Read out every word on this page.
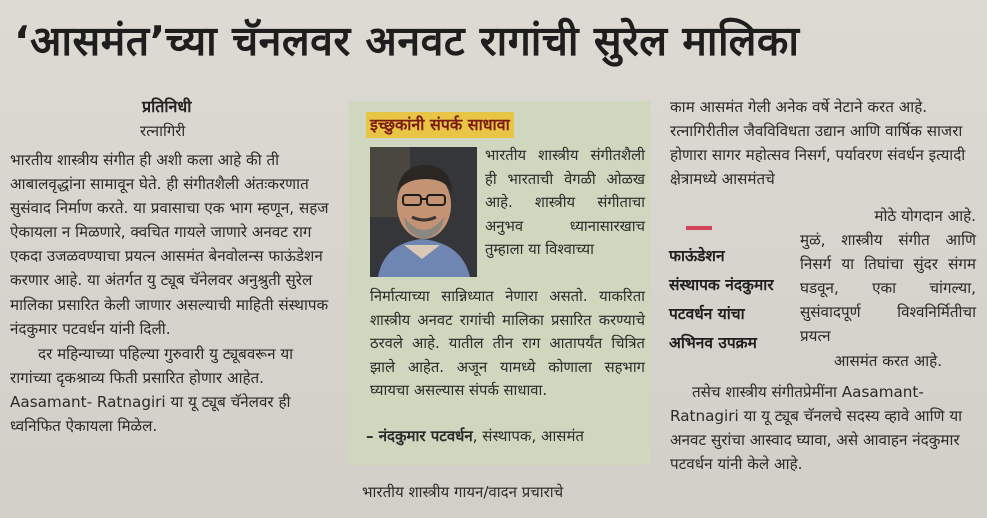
‘आसमंत’च्या चॅनलवर अनवट रागांची सुरेल मालिका
प्रतिनिधी
रत्नागिरी

भारतीय शास्त्रीय संगीत ही अशी कला आहे की ती आबालवृद्धांना सामावून घेते. ही संगीतशैली अंतःकरणात सुसंवाद निर्माण करते. या प्रवासाचा एक भाग म्हणून, सहज ऐकायला न मिळणारे, क्वचित गायले जाणारे अनवट राग एकदा उजळवण्याचा प्रयत्न आसमंत बेनवोलन्स फाऊंडेशन करणार आहे. या अंतर्गत यु ट्यूब चॅनेलवर अनुश्रुती सुरेल मालिका प्रसारित केली जाणार असल्याची माहिती संस्थापक नंदकुमार पटवर्धन यांनी दिली.

दर महिन्याच्या पहिल्या गुरुवारी यु ट्यूबवरून या रागांच्या दृकश्राव्य फिती प्रसारित होणार आहेत. Aasamant- Ratnagiri या यू ट्यूब चॅनेलवर ही ध्वनिफित ऐकायला मिळेल.

इच्छुकांनी संपर्क साधावा
भारतीय शास्त्रीय संगीतशैली ही भारताची वेगळी ओळख आहे. शास्त्रीय संगीताचा अनुभव ध्यानासारखाच तुम्हाला या विश्वाच्या
निर्मात्याच्या सान्निध्यात नेणारा असतो. याकरिता शास्त्रीय अनवट रागांची मालिका प्रसारित करण्याचे ठरवले आहे. यातील तीन राग आतापर्यंत चित्रित झाले आहेत. अजून यामध्ये कोणाला सहभाग घ्यायचा असल्यास संपर्क साधावा.
– नंदकुमार पटवर्धन, संस्थापक, आसमंत
भारतीय शास्त्रीय गायन/वादन प्रचाराचे
काम आसमंत गेली अनेक वर्षे नेटाने करत आहे. रत्नागिरीतील जैवविविधता उद्यान आणि वार्षिक साजरा होणारा सागर महोत्सव निसर्ग, पर्यावरण संवर्धन इत्यादी क्षेत्रामध्ये आसमंतचे
फाऊंडेशन
संस्थापक नंदकुमार
पटवर्धन यांचा
अभिनव उपक्रम
मोठे योगदान आहे.
मुळं, शास्त्रीय संगीत आणि निसर्ग या तिघांचा सुंदर संगम घडवून, एका चांगल्या, सुसंवादपूर्ण विश्वनिर्मितीचा प्रयत्न
आसमंत करत आहे.

तसेच शास्त्रीय संगीतप्रेमींना Aasamant-Ratnagiri या यू ट्यूब चॅनलचे सदस्य व्हावे आणि या अनवट सुरांचा आस्वाद घ्यावा, असे आवाहन नंदकुमार पटवर्धन यांनी केले आहे.
